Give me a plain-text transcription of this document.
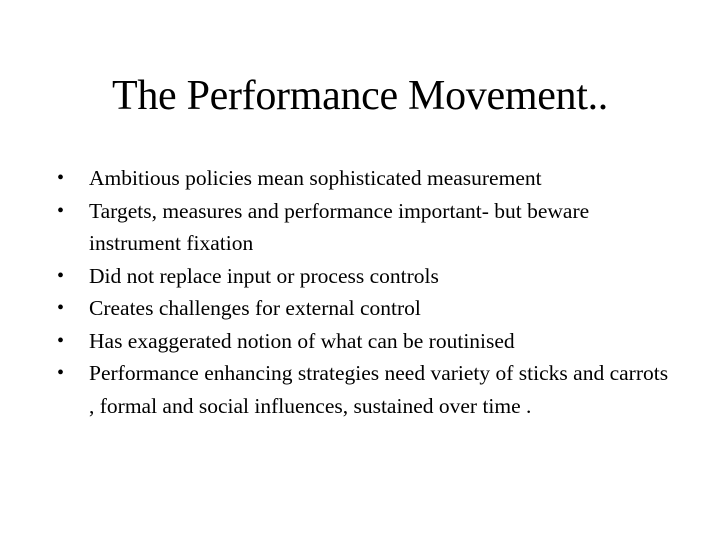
The Performance Movement..
• Ambitious policies mean sophisticated measurement
• Targets, measures and performance important- but beware instrument fixation
• Did not replace input or process controls
• Creates challenges for external control
• Has exaggerated notion of what can be routinised
• Performance enhancing strategies need variety of sticks and carrots , formal and social influences, sustained over time .
